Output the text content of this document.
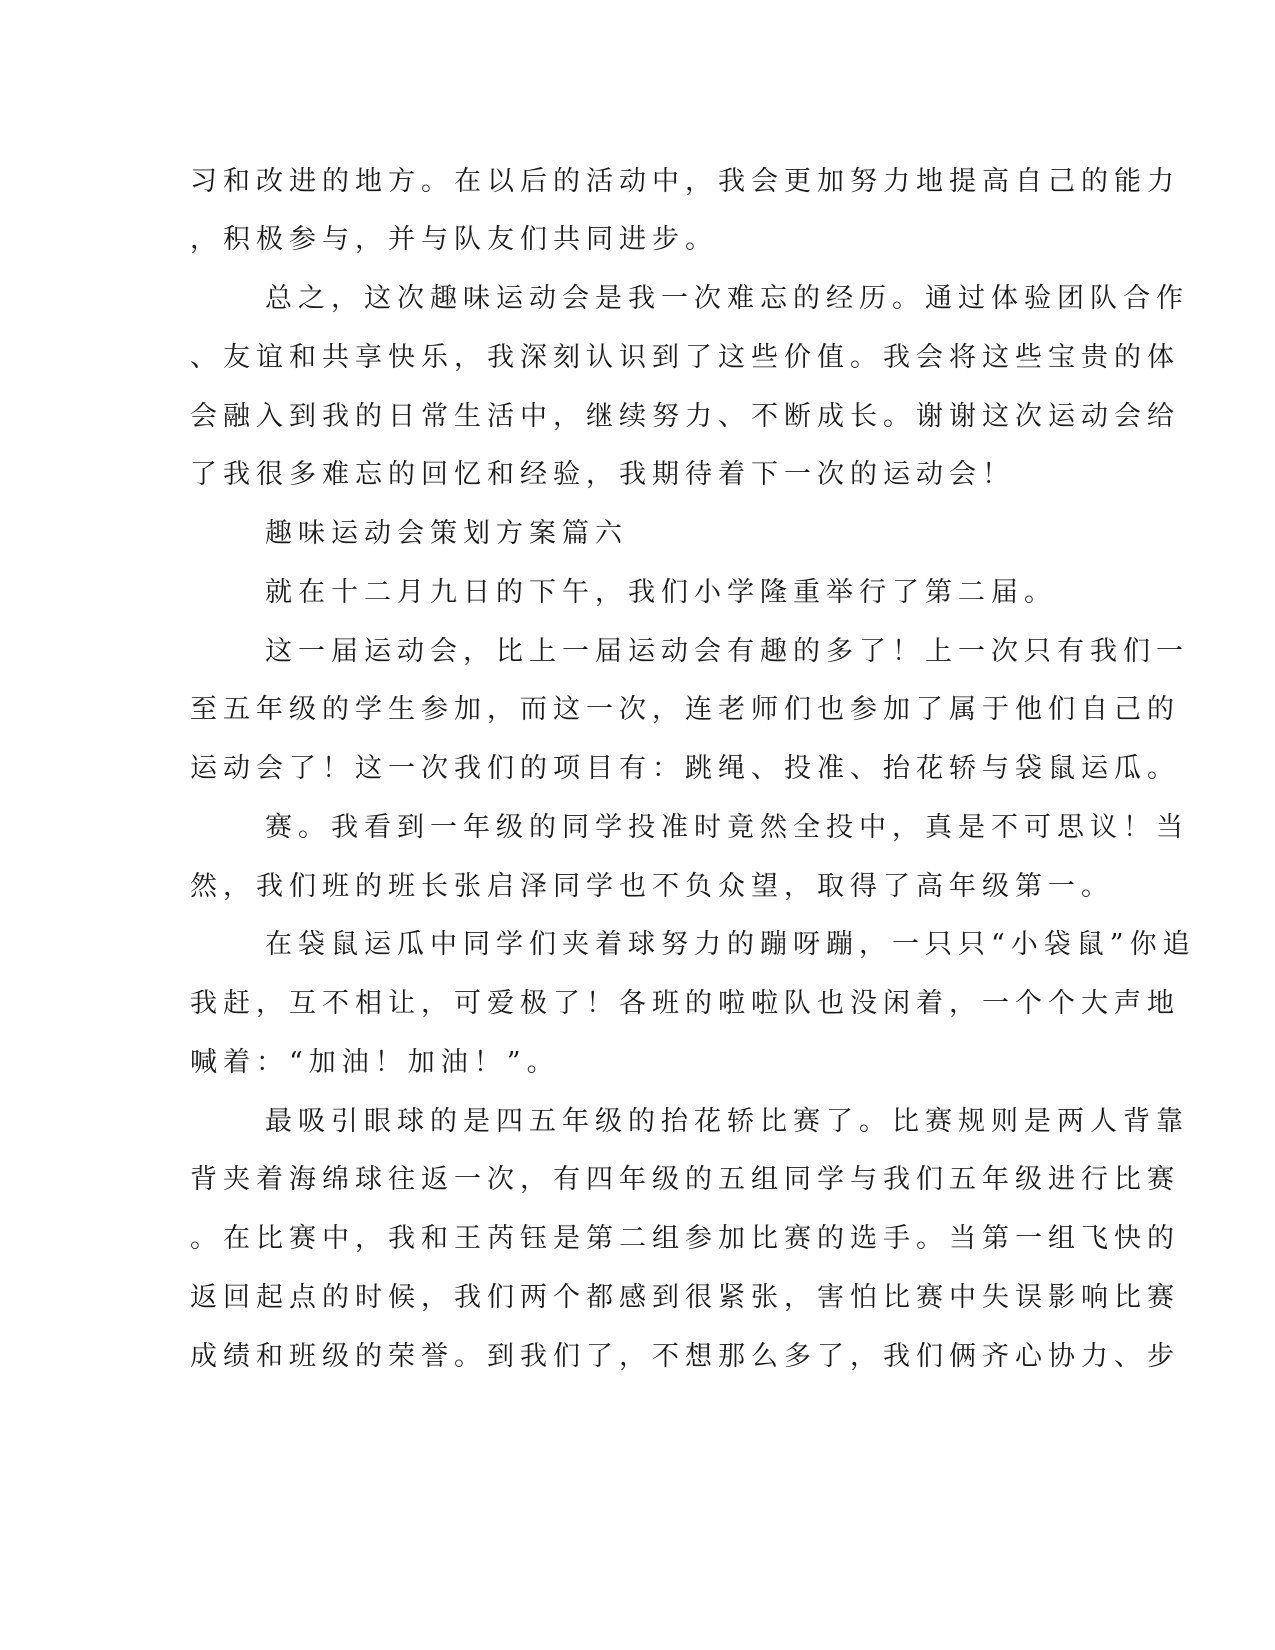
习和改进的地方。在以后的活动中，我会更加努力地提高自己的能力
，积极参与，并与队友们共同进步。
总之，这次趣味运动会是我一次难忘的经历。通过体验团队合作
、友谊和共享快乐，我深刻认识到了这些价值。我会将这些宝贵的体
会融入到我的日常生活中，继续努力、不断成长。谢谢这次运动会给
了我很多难忘的回忆和经验，我期待着下一次的运动会！
趣味运动会策划方案篇六
就在十二月九日的下午，我们小学隆重举行了第二届。
这一届运动会，比上一届运动会有趣的多了！上一次只有我们一
至五年级的学生参加，而这一次，连老师们也参加了属于他们自己的
运动会了！这一次我们的项目有：跳绳、投准、抬花轿与袋鼠运瓜。
赛。我看到一年级的同学投准时竟然全投中，真是不可思议！当
然，我们班的班长张启泽同学也不负众望，取得了高年级第一。
在袋鼠运瓜中同学们夹着球努力的蹦呀蹦，一只只“小袋鼠”你追
我赶，互不相让，可爱极了！各班的啦啦队也没闲着，一个个大声地
喊着：“加油！加油！”。
最吸引眼球的是四五年级的抬花轿比赛了。比赛规则是两人背靠
背夹着海绵球往返一次，有四年级的五组同学与我们五年级进行比赛
。在比赛中，我和王芮钰是第二组参加比赛的选手。当第一组飞快的
返回起点的时候，我们两个都感到很紧张，害怕比赛中失误影响比赛
成绩和班级的荣誉。到我们了，不想那么多了，我们俩齐心协力、步
